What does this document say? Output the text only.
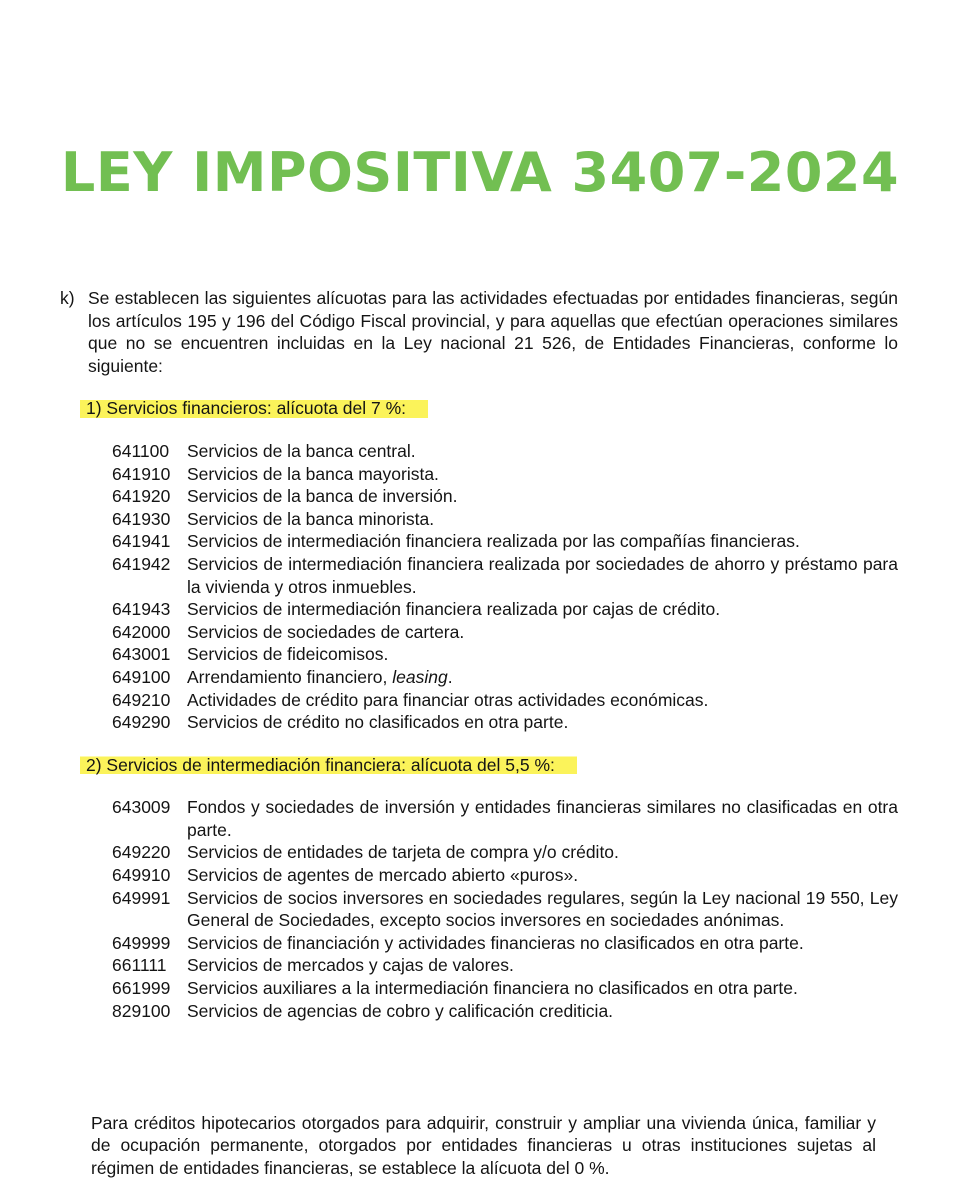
LEY IMPOSITIVA 3407-2024
k) Se establecen las siguientes alícuotas para las actividades efectuadas por entidades financieras, según los artículos 195 y 196 del Código Fiscal provincial, y para aquellas que efectúan operaciones similares que no se encuentren incluidas en la Ley nacional 21 526, de Entidades Financieras, conforme lo siguiente:
1) Servicios financieros: alícuota del 7 %:
641100	Servicios de la banca central.
641910 Servicios de la banca mayorista.
641920 Servicios de la banca de inversión.
641930 Servicios de la banca minorista.
641941 Servicios de intermediación financiera realizada por las compañías financieras.
641942 Servicios de intermediación financiera realizada por sociedades de ahorro y préstamo para la vivienda y otros inmuebles.
641943 Servicios de intermediación financiera realizada por cajas de crédito.
642000 Servicios de sociedades de cartera.
643001 Servicios de fideicomisos.
649100 Arrendamiento financiero, leasing.
649210 Actividades de crédito para financiar otras actividades económicas.
649290 Servicios de crédito no clasificados en otra parte.
2) Servicios de intermediación financiera: alícuota del 5,5 %:
643009 Fondos y sociedades de inversión y entidades financieras similares no clasificadas en otra parte.
649220 Servicios de entidades de tarjeta de compra y/o crédito.
649910 Servicios de agentes de mercado abierto «puros».
649991 Servicios de socios inversores en sociedades regulares, según la Ley nacional 19 550, Ley General de Sociedades, excepto socios inversores en sociedades anónimas.
649999 Servicios de financiación y actividades financieras no clasificados en otra parte.
661111	Servicios de mercados y cajas de valores.
661999 Servicios auxiliares a la intermediación financiera no clasificados en otra parte.
829100 Servicios de agencias de cobro y calificación crediticia.

Para créditos hipotecarios otorgados para adquirir, construir y ampliar una vivienda única, familiar y de ocupación permanente, otorgados por entidades financieras u otras instituciones sujetas al régimen de entidades financieras, se establece la alícuota del 0 %.
